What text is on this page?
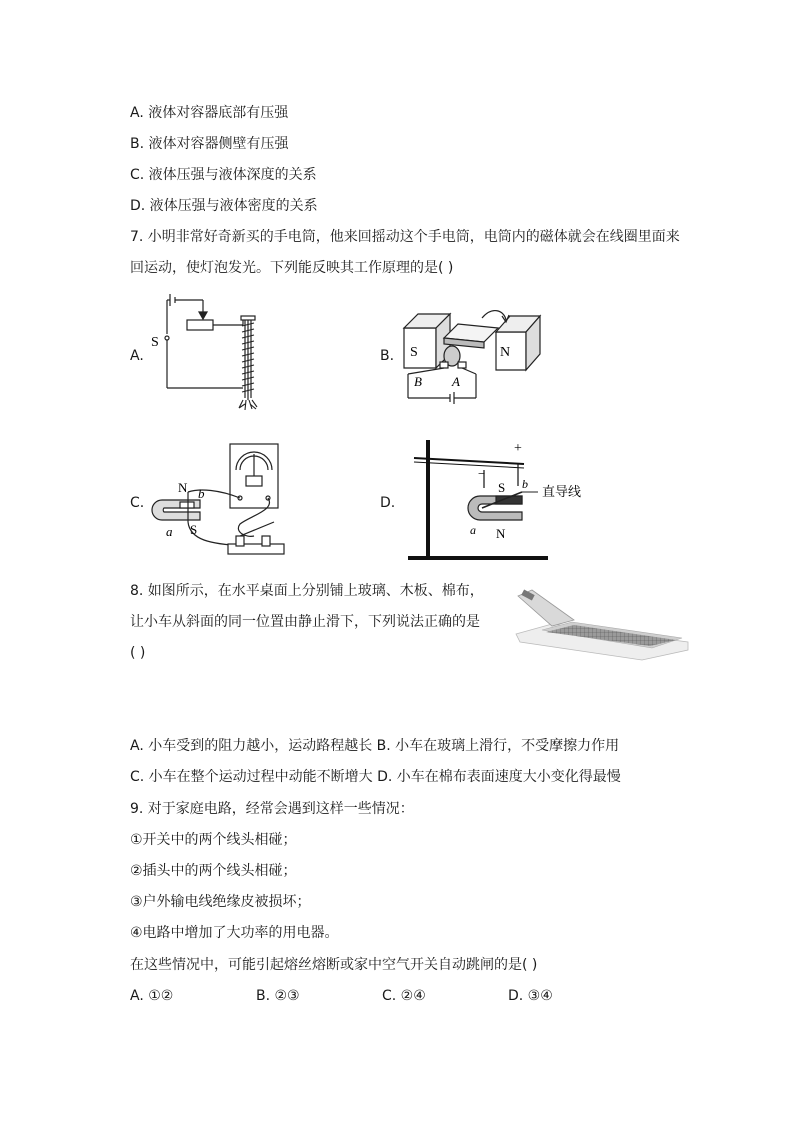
A. 液体对容器底部有压强
B. 液体对容器侧壁有压强
C. 液体压强与液体深度的关系
D. 液体压强与液体密度的关系
7. 小明非常好奇新买的手电筒，他来回摇动这个手电筒，电筒内的磁体就会在线圈里面来
回运动，使灯泡发光。下列能反映其工作原理的是( )
A.	B.
C.	D.
S
S	N
B A
N b
S
a
+
−
S b 直导线
a N
8. 如图所示，在水平桌面上分别铺上玻璃、木板、棉布，
让小车从斜面的同一位置由静止滑下，下列说法正确的是
( )
A. 小车受到的阻力越小，运动路程越长 B. 小车在玻璃上滑行，不受摩擦力作用
C. 小车在整个运动过程中动能不断增大 D. 小车在棉布表面速度大小变化得最慢
9. 对于家庭电路，经常会遇到这样一些情况：
①开关中的两个线头相碰；
②插头中的两个线头相碰；
③户外输电线绝缘皮被损坏；
④电路中增加了大功率的用电器。
在这些情况中，可能引起熔丝熔断或家中空气开关自动跳闸的是( )
A. ①②	B. ②③	C. ②④	D. ③④
